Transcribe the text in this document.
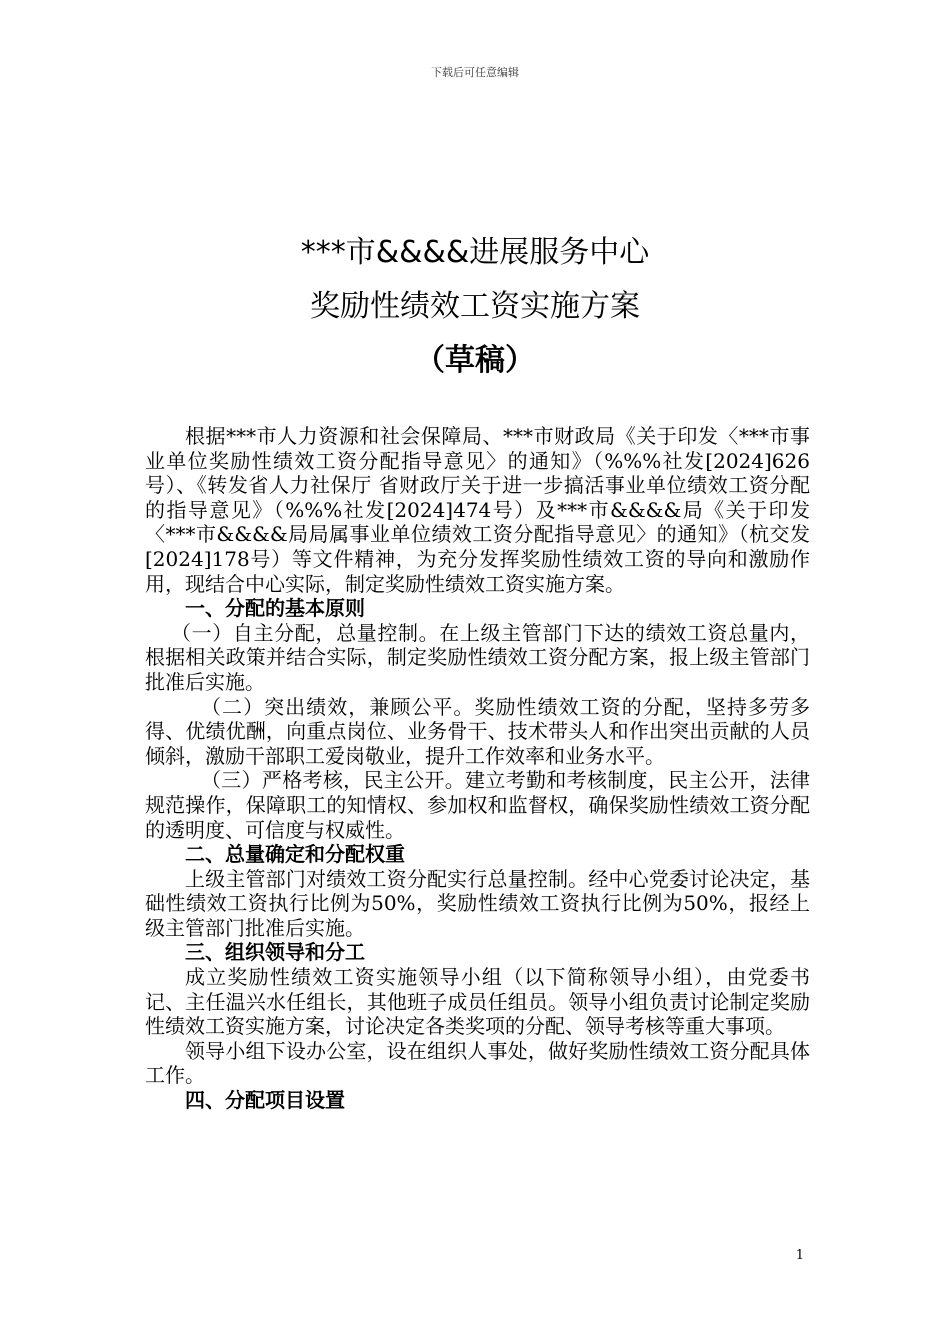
下载后可任意编辑
***市&&&&进展服务中心
奖励性绩效工资实施方案
（草稿）

根据***市人力资源和社会保障局、***市财政局《关于印发〈***市事业单位奖励性绩效工资分配指导意见〉的通知》（%%%社发[2024]626号）、《转发省人力社保厅 省财政厅关于进一步搞活事业单位绩效工资分配的指导意见》（%%%社发[2024]474号）及***市&&&&局《关于印发〈***市&&&&局局属事业单位绩效工资分配指导意见〉的通知》（杭交发[2024]178号）等文件精神，为充分发挥奖励性绩效工资的导向和激励作用，现结合中心实际，制定奖励性绩效工资实施方案。

一、分配的基本原则

（一）自主分配，总量控制。在上级主管部门下达的绩效工资总量内，根据相关政策并结合实际，制定奖励性绩效工资分配方案，报上级主管部门批准后实施。

（二）突出绩效，兼顾公平。奖励性绩效工资的分配，坚持多劳多得、优绩优酬，向重点岗位、业务骨干、技术带头人和作出突出贡献的人员倾斜，激励干部职工爱岗敬业，提升工作效率和业务水平。

（三）严格考核，民主公开。建立考勤和考核制度，民主公开，法律规范操作，保障职工的知情权、参加权和监督权，确保奖励性绩效工资分配的透明度、可信度与权威性。

二、总量确定和分配权重

上级主管部门对绩效工资分配实行总量控制。经中心党委讨论决定，基础性绩效工资执行比例为50%，奖励性绩效工资执行比例为50%，报经上级主管部门批准后实施。

三、组织领导和分工

成立奖励性绩效工资实施领导小组（以下简称领导小组），由党委书记、主任温兴水任组长，其他班子成员任组员。领导小组负责讨论制定奖励性绩效工资实施方案，讨论决定各类奖项的分配、领导考核等重大事项。

领导小组下设办公室，设在组织人事处，做好奖励性绩效工资分配具体工作。

四、分配项目设置
1
